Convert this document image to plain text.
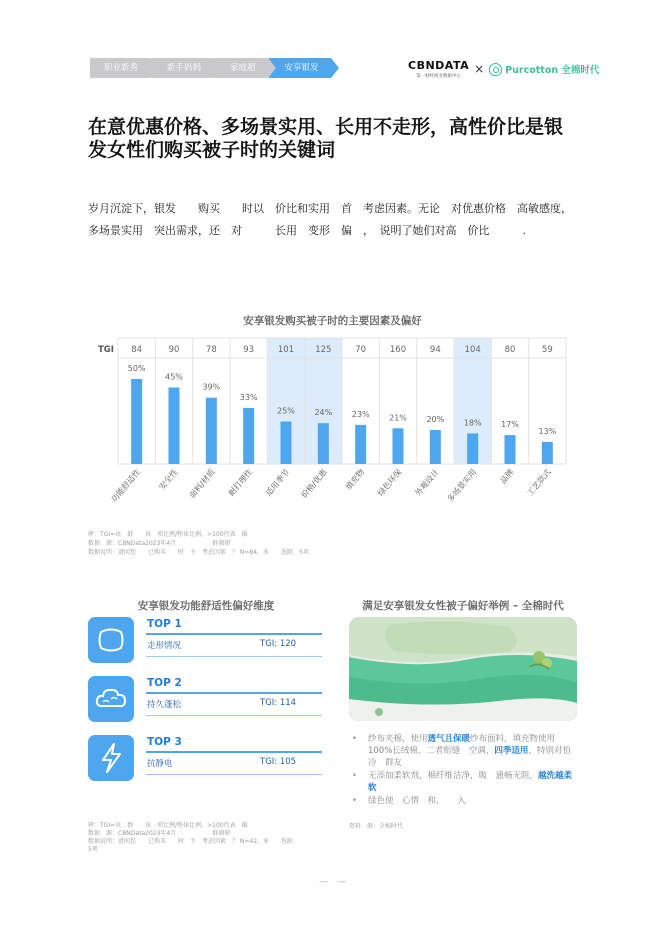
职业新秀	新手妈妈	家庭超	安享银发	CBNDATA
第一财经商业数据中心
× Purcotton 全棉时代
在意优惠价格、多场景实用、长用不走形，高性价比是银发女性们购买被子时的关键词
岁月沉淀下，银发　　购买　　时以　价比和实用　首　考虑因素。无论　对优惠价格　高敏感度，多场景实用　突出需求，还　对　　　长用　变形　偏　，　说明了她们对高　价比　　　.
安享银发购买被子时的主要因素及偏好
TGI 84
50%
功能舒适性
90
45%
安全性
78
39%
面料/材质
93
33%
耐打理性
101
25%
适用季节
125
24%
价格/优惠
70
23%
填充物
160
21%
绿色环保
94
20%
外观设计
104
18%
多场景实用
80
17%
品牌
59
13%
工艺款式
释：TGI=该　群　　该　项比例/整体比例，>100代表　偏
数据　源：CBNData2023年4月　　　　　　群调研
数据说明：请问您　　已购买　　时　主　考虑因素　？ N=84，多　　选限　5项
安享银发功能舒适性偏好维度
TOP 1
走形情况	TGI: 120
TOP 2
持久蓬松	TGI: 114
TOP 3
抗静电	TGI: 105
释：TGI=该　群　　该　项比例/整体比例，>100代表　偏
数据　源：CBNData2023年4月　　　　　　群调研
数据说明：请问您　　已购买　　时　主　考虑因素　？ N=42，多　　选限
5项
满足安享银发女性被子偏好举例 – 全棉时代
• 纱布夹棉，使用透气且保暖纱布面料，填充物使用100%长绒棉，二者衔缝　空调，四季适用，特别对怕冷　群友
• 无添加柔软剂，棉纤维洁净，吸　通畅无阻，越洗越柔软
• 绿色使　心情　和，　　入
资料　源：全棉时代
—　—
